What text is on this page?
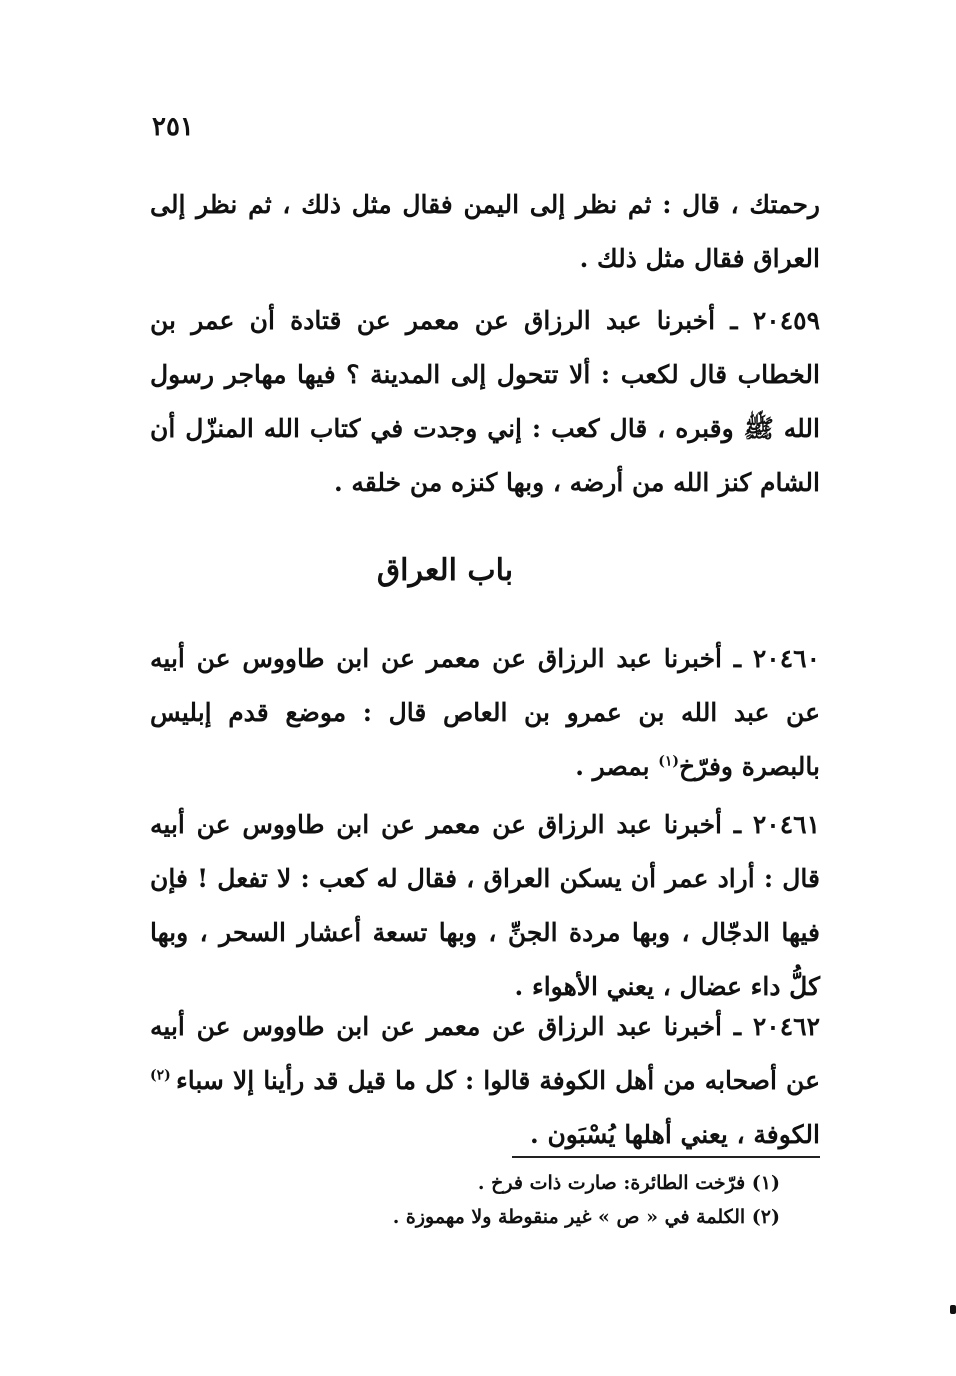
٢٥١
رحمتك ، قال : ثم نظر إلى اليمن فقال مثل ذلك ، ثم نظر إلى العراق فقال مثل ذلك .
٢٠٤٥٩ ـ أخبرنا عبد الرزاق عن معمر عن قتادة أن عمر بن الخطاب قال لكعب : ألا تتحول إلى المدينة ؟ فيها مهاجر رسول الله ﷺ وقبره ، قال كعب : إني وجدت في كتاب الله المنزّل أن الشام كنز الله من أرضه ، وبها كنزه من خلقه .
باب العراق
٢٠٤٦٠ ـ أخبرنا عبد الرزاق عن معمر عن ابن طاووس عن أبيه عن عبد الله بن عمرو بن العاص قال : موضع قدم إبليس بالبصرة وفرّخ$^{(١)}$ بمصر .
٢٠٤٦١ ـ أخبرنا عبد الرزاق عن معمر عن ابن طاووس عن أبيه قال : أراد عمر أن يسكن العراق ، فقال له كعب : لا تفعل ! فإن فيها الدجّال ، وبها مردة الجنِّ ، وبها تسعة أعشار السحر ، وبها كلُّ داء عضال ، يعني الأهواء .
٢٠٤٦٢ ـ أخبرنا عبد الرزاق عن معمر عن ابن طاووس عن أبيه عن أصحابه من أهل الكوفة قالوا : كل ما قيل قد رأينا إلا سباء $^{(٢)}$ الكوفة ، يعني أهلها يُسْبَون .
(١) فرّخت الطائرة: صارت ذات فرخ .
(٢) الكلمة في « ص » غير منقوطة ولا مهموزة .
